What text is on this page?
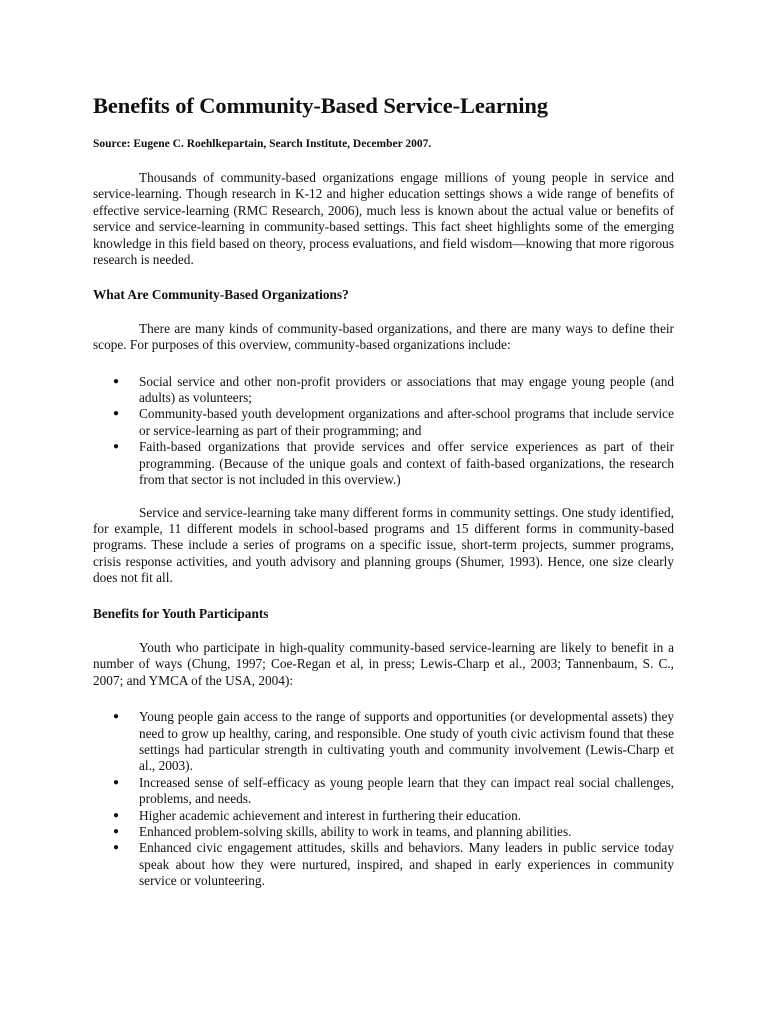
Benefits of Community-Based Service-Learning
Source: Eugene C. Roehlkepartain, Search Institute, December 2007.

Thousands of community-based organizations engage millions of young people in service and service-learning. Though research in K-12 and higher education settings shows a wide range of benefits of effective service-learning (RMC Research, 2006), much less is known about the actual value or benefits of service and service-learning in community-based settings. This fact sheet highlights some of the emerging knowledge in this field based on theory, process evaluations, and field wisdom—knowing that more rigorous research is needed.

What Are Community-Based Organizations?

There are many kinds of community-based organizations, and there are many ways to define their scope. For purposes of this overview, community-based organizations include:

● Social service and other non-profit providers or associations that may engage young people (and adults) as volunteers;
● Community-based youth development organizations and after-school programs that include service or service-learning as part of their programming; and
● Faith-based organizations that provide services and offer service experiences as part of their programming. (Because of the unique goals and context of faith-based organizations, the research from that sector is not included in this overview.)

Service and service-learning take many different forms in community settings. One study identified, for example, 11 different models in school-based programs and 15 different forms in community-based programs. These include a series of programs on a specific issue, short-term projects, summer programs, crisis response activities, and youth advisory and planning groups (Shumer, 1993). Hence, one size clearly does not fit all.

Benefits for Youth Participants

Youth who participate in high-quality community-based service-learning are likely to benefit in a number of ways (Chung, 1997; Coe-Regan et al, in press; Lewis-Charp et al., 2003; Tannenbaum, S. C., 2007; and YMCA of the USA, 2004):

● Young people gain access to the range of supports and opportunities (or developmental assets) they need to grow up healthy, caring, and responsible. One study of youth civic activism found that these settings had particular strength in cultivating youth and community involvement (Lewis-Charp et al., 2003).
● Increased sense of self-efficacy as young people learn that they can impact real social challenges, problems, and needs.
● Higher academic achievement and interest in furthering their education.
● Enhanced problem-solving skills, ability to work in teams, and planning abilities.
● Enhanced civic engagement attitudes, skills and behaviors. Many leaders in public service today speak about how they were nurtured, inspired, and shaped in early experiences in community service or volunteering.
